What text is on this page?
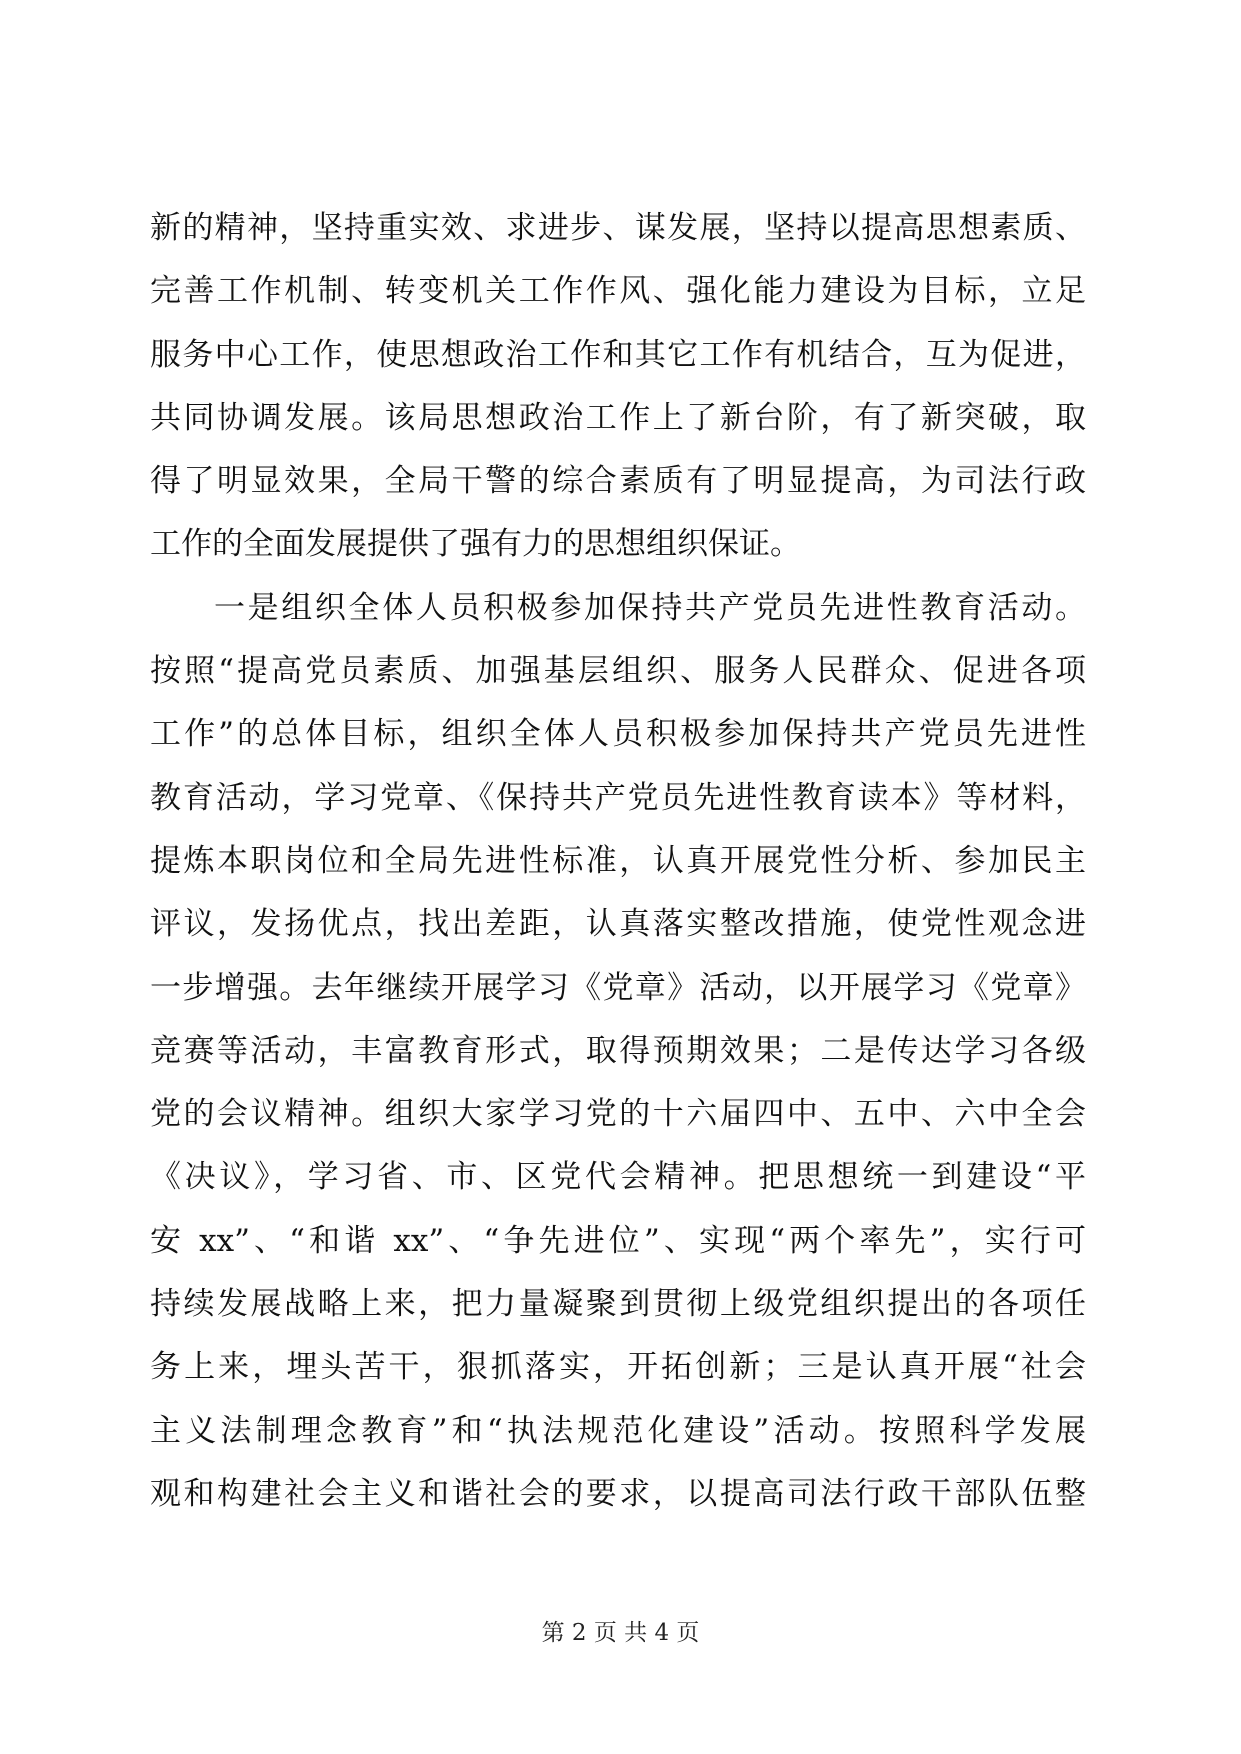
新的精神，坚持重实效、求进步、谋发展，坚持以提高思想素质、
完善工作机制、转变机关工作作风、强化能力建设为目标，立足
服务中心工作，使思想政治工作和其它工作有机结合，互为促进，
共同协调发展。该局思想政治工作上了新台阶，有了新突破，取
得了明显效果，全局干警的综合素质有了明显提高，为司法行政
工作的全面发展提供了强有力的思想组织保证。
一是组织全体人员积极参加保持共产党员先进性教育活动。
按照“提高党员素质、加强基层组织、服务人民群众、促进各项
工作”的总体目标，组织全体人员积极参加保持共产党员先进性
教育活动，学习党章、《保持共产党员先进性教育读本》等材料，
提炼本职岗位和全局先进性标准，认真开展党性分析、参加民主
评议，发扬优点，找出差距，认真落实整改措施，使党性观念进
一步增强。去年继续开展学习《党章》活动，以开展学习《党章》
竞赛等活动，丰富教育形式，取得预期效果；二是传达学习各级
党的会议精神。组织大家学习党的十六届四中、五中、六中全会
《决议》，学习省、市、区党代会精神。把思想统一到建设“平
安 xx”、“和谐 xx”、“争先进位”、实现“两个率先”，实行可
持续发展战略上来，把力量凝聚到贯彻上级党组织提出的各项任
务上来，埋头苦干，狠抓落实，开拓创新；三是认真开展“社会
主义法制理念教育”和“执法规范化建设”活动。按照科学发展
观和构建社会主义和谐社会的要求，以提高司法行政干部队伍整
第 2 页 共 4 页
